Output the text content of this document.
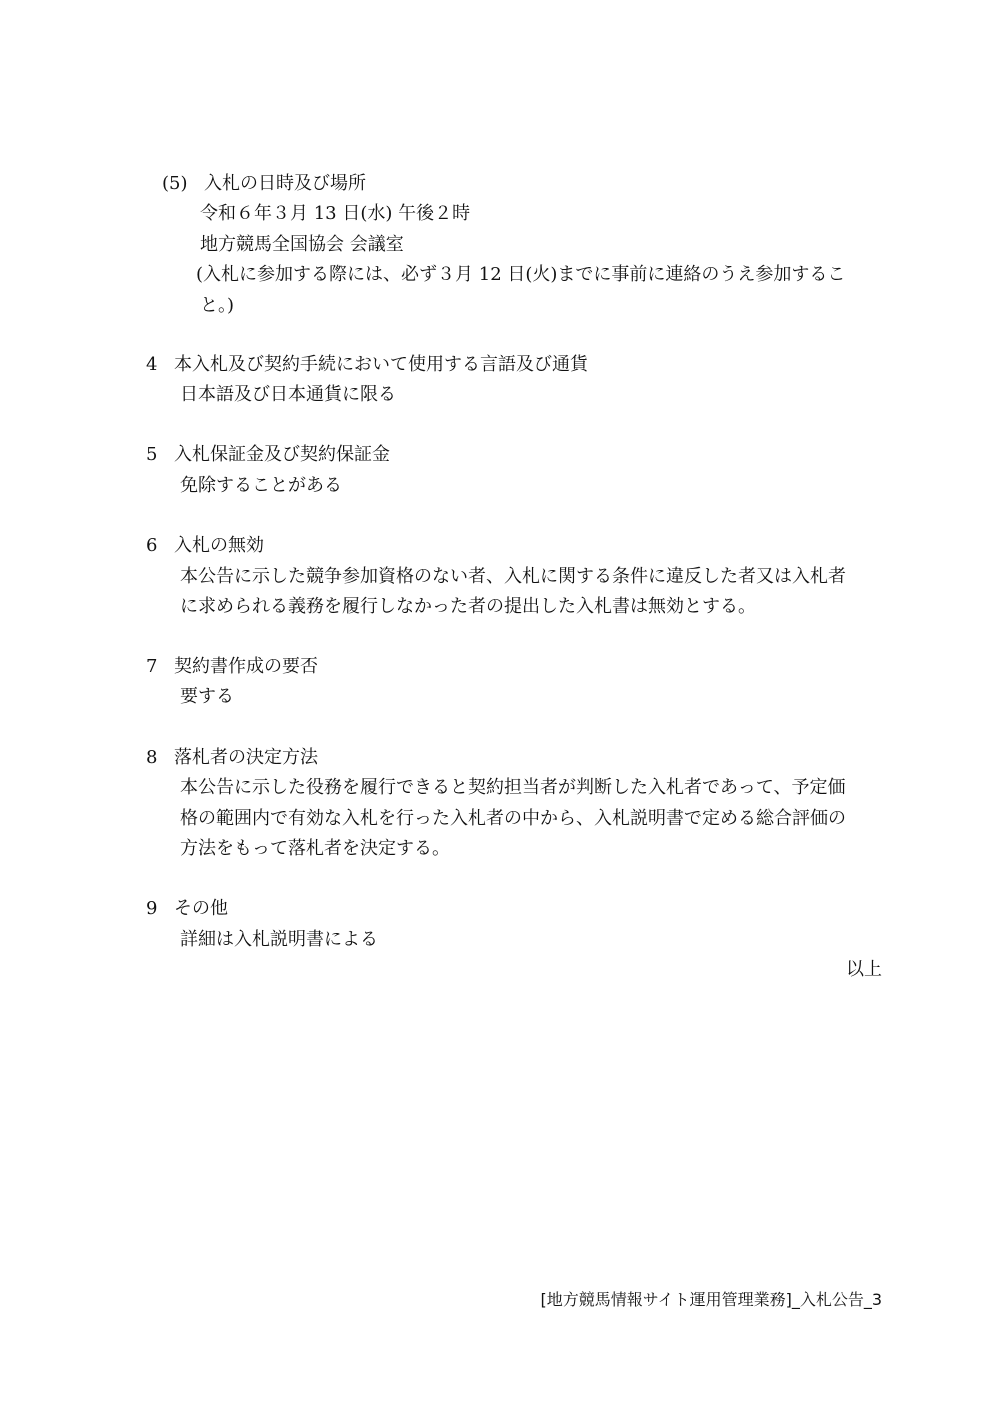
(5) 入札の日時及び場所
令和６年３月 13 日(水) 午後２時
地方競馬全国協会 会議室
(入札に参加する際には、必ず３月 12 日(火)までに事前に連絡のうえ参加するこ
と。)
4 本入札及び契約手続において使用する言語及び通貨
日本語及び日本通貨に限る
5 入札保証金及び契約保証金
免除することがある
6 入札の無効
本公告に示した競争参加資格のない者、入札に関する条件に違反した者又は入札者
に求められる義務を履行しなかった者の提出した入札書は無効とする。
7 契約書作成の要否
要する
8 落札者の決定方法
本公告に示した役務を履行できると契約担当者が判断した入札者であって、予定価
格の範囲内で有効な入札を行った入札者の中から、入札説明書で定める総合評価の
方法をもって落札者を決定する。
9 その他
詳細は入札説明書による
以上
[地方競馬情報サイト運用管理業務]_入札公告_3
